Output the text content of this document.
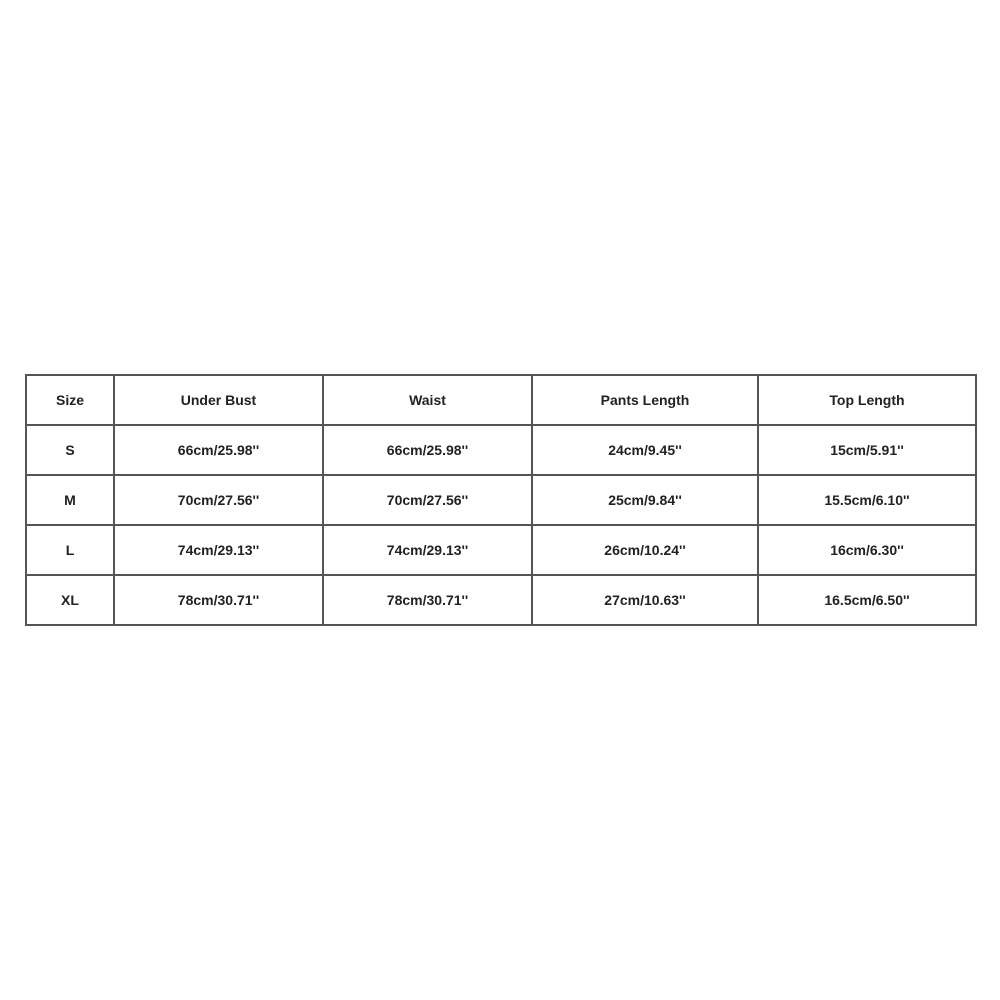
Size	Under Bust	Waist	Pants Length	Top Length
S	66cm/25.98''	66cm/25.98''	24cm/9.45''	15cm/5.91''
M	70cm/27.56''	70cm/27.56''	25cm/9.84''	15.5cm/6.10''
L	74cm/29.13''	74cm/29.13''	26cm/10.24''	16cm/6.30''
XL	78cm/30.71''	78cm/30.71''	27cm/10.63''	16.5cm/6.50''
